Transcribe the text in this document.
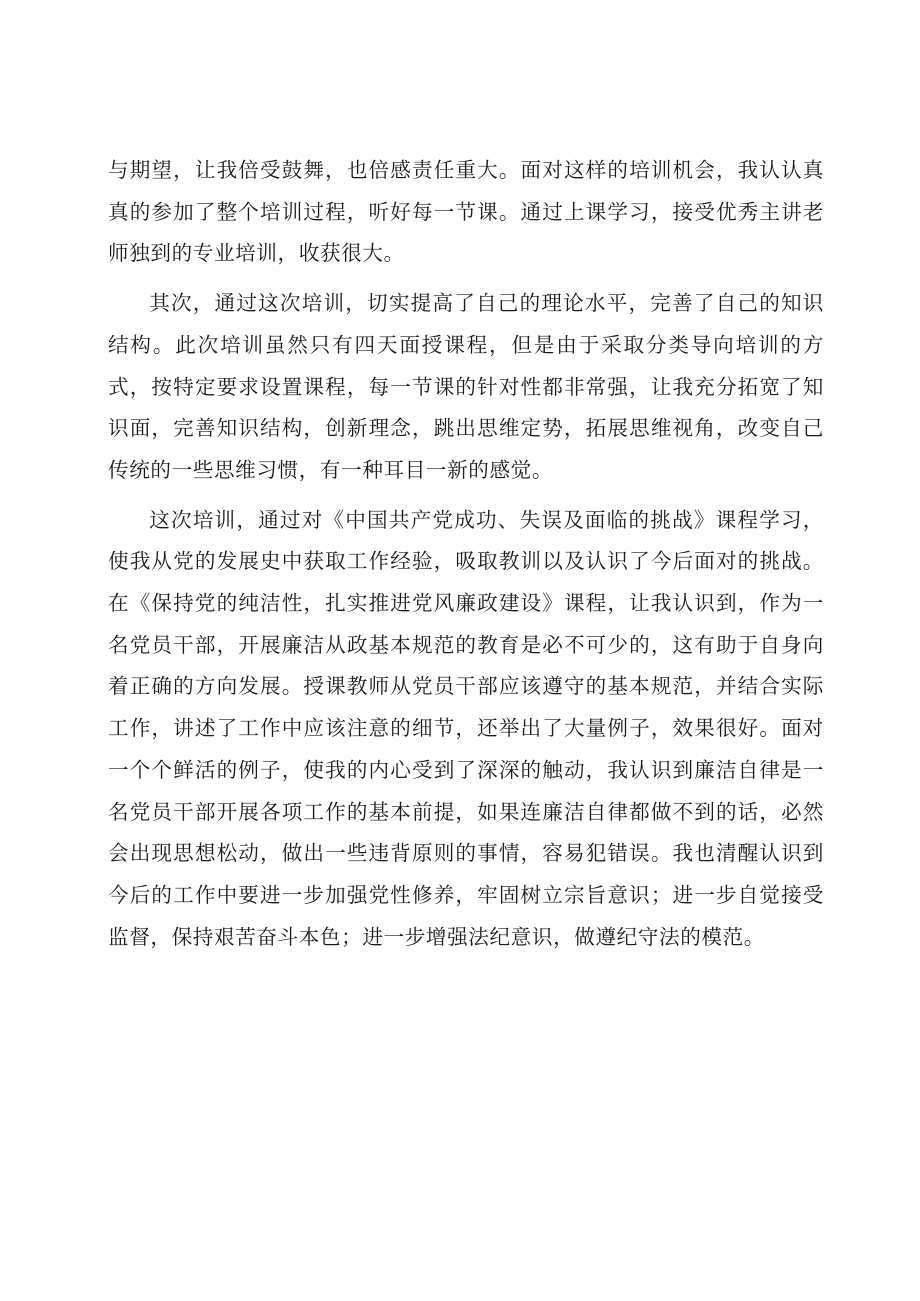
与期望，让我倍受鼓舞，也倍感责任重大。面对这样的培训机会，我认认真真的参加了整个培训过程，听好每一节课。通过上课学习，接受优秀主讲老师独到的专业培训，收获很大。

其次，通过这次培训，切实提高了自己的理论水平，完善了自己的知识结构。此次培训虽然只有四天面授课程，但是由于采取分类导向培训的方式，按特定要求设置课程，每一节课的针对性都非常强，让我充分拓宽了知识面，完善知识结构，创新理念，跳出思维定势，拓展思维视角，改变自己传统的一些思维习惯，有一种耳目一新的感觉。

这次培训，通过对《中国共产党成功、失误及面临的挑战》课程学习，使我从党的发展史中获取工作经验，吸取教训以及认识了今后面对的挑战。在《保持党的纯洁性，扎实推进党风廉政建设》课程，让我认识到，作为一名党员干部，开展廉洁从政基本规范的教育是必不可少的，这有助于自身向着正确的方向发展。授课教师从党员干部应该遵守的基本规范，并结合实际工作，讲述了工作中应该注意的细节，还举出了大量例子，效果很好。面对一个个鲜活的例子，使我的内心受到了深深的触动，我认识到廉洁自律是一名党员干部开展各项工作的基本前提，如果连廉洁自律都做不到的话，必然会出现思想松动，做出一些违背原则的事情，容易犯错误。我也清醒认识到今后的工作中要进一步加强党性修养，牢固树立宗旨意识；进一步自觉接受监督，保持艰苦奋斗本色；进一步增强法纪意识，做遵纪守法的模范。
